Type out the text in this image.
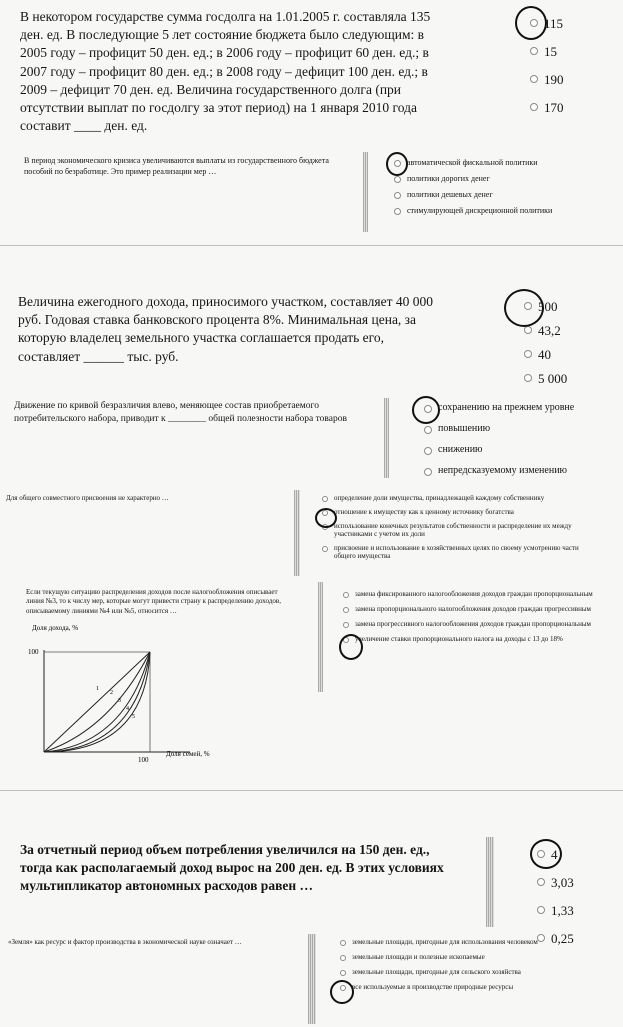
В некотором государстве сумма госдолга на 1.01.2005 г. составляла 135 ден. ед. В последующие 5 лет состояние бюджета было следующим: в 2005 году – профицит 50 ден. ед.; в 2006 году – профицит 60 ден. ед.; в 2007 году – профицит 80 ден. ед.; в 2008 году – дефицит 100 ден. ед.; в 2009 – дефицит 70 ден. ед. Величина государственного долга (при отсутствии выплат по госдолгу за этот период) на 1 января 2010 года составит ____ ден. ед.
115
15
190
170
В период экономического кризиса увеличиваются выплаты из государственного бюджета пособий по безработице. Это пример реализации мер …
автоматической фискальной политики
политики дорогих денег
политики дешевых денег
стимулирующей дискреционной политики
Величина ежегодного дохода, приносимого участком, составляет 40 000 руб. Годовая ставка банковского процента 8%. Минимальная цена, за которую владелец земельного участка соглашается продать его, составляет ______ тыс. руб.
500
43,2
40
5 000
Движение по кривой безразличия влево, меняющее состав приобретаемого потребительского набора, приводит к ________ общей полезности набора товаров
сохранению на прежнем уровне
повышению
снижению
непредсказуемому изменению
Для общего совместного присвоения не характерно …	определение доли имущества, принадлежащей каждому собственнику
отношение к имуществу как к ценному источнику богатства
использование конечных результатов собственности и распределение их между участниками с учетом их доли
присвоение и использование в хозяйственных целях по своему усмотрению части общего имущества
Если текущую ситуацию распределения доходов после налогообложения описывает линия №3, то к числу мер, которые могут привести страну к распределению доходов, описываемому линиями №4 или №5, относится …
Доля дохода, %
100
100
Доля семей, %
1
2
3
4
5
замена фиксированного налогообложения доходов граждан пропорциональным
замена пропорционального налогообложения доходов граждан прогрессивным
замена прогрессивного налогообложения доходов граждан пропорциональным
увеличение ставки пропорционального налога на доходы с 13 до 18%
За отчетный период объем потребления увеличился на 150 ден. ед., тогда как располагаемый доход вырос на 200 ден. ед. В этих условиях мультипликатор автономных расходов равен …
4
3,03
1,33
0,25
«Земля» как ресурс и фактор производства в экономической науке означает …	земельные площади, пригодные для использования человеком
земельные площади и полезные ископаемые
земельные площади, пригодные для сельского хозяйства
все используемые в производстве природные ресурсы
